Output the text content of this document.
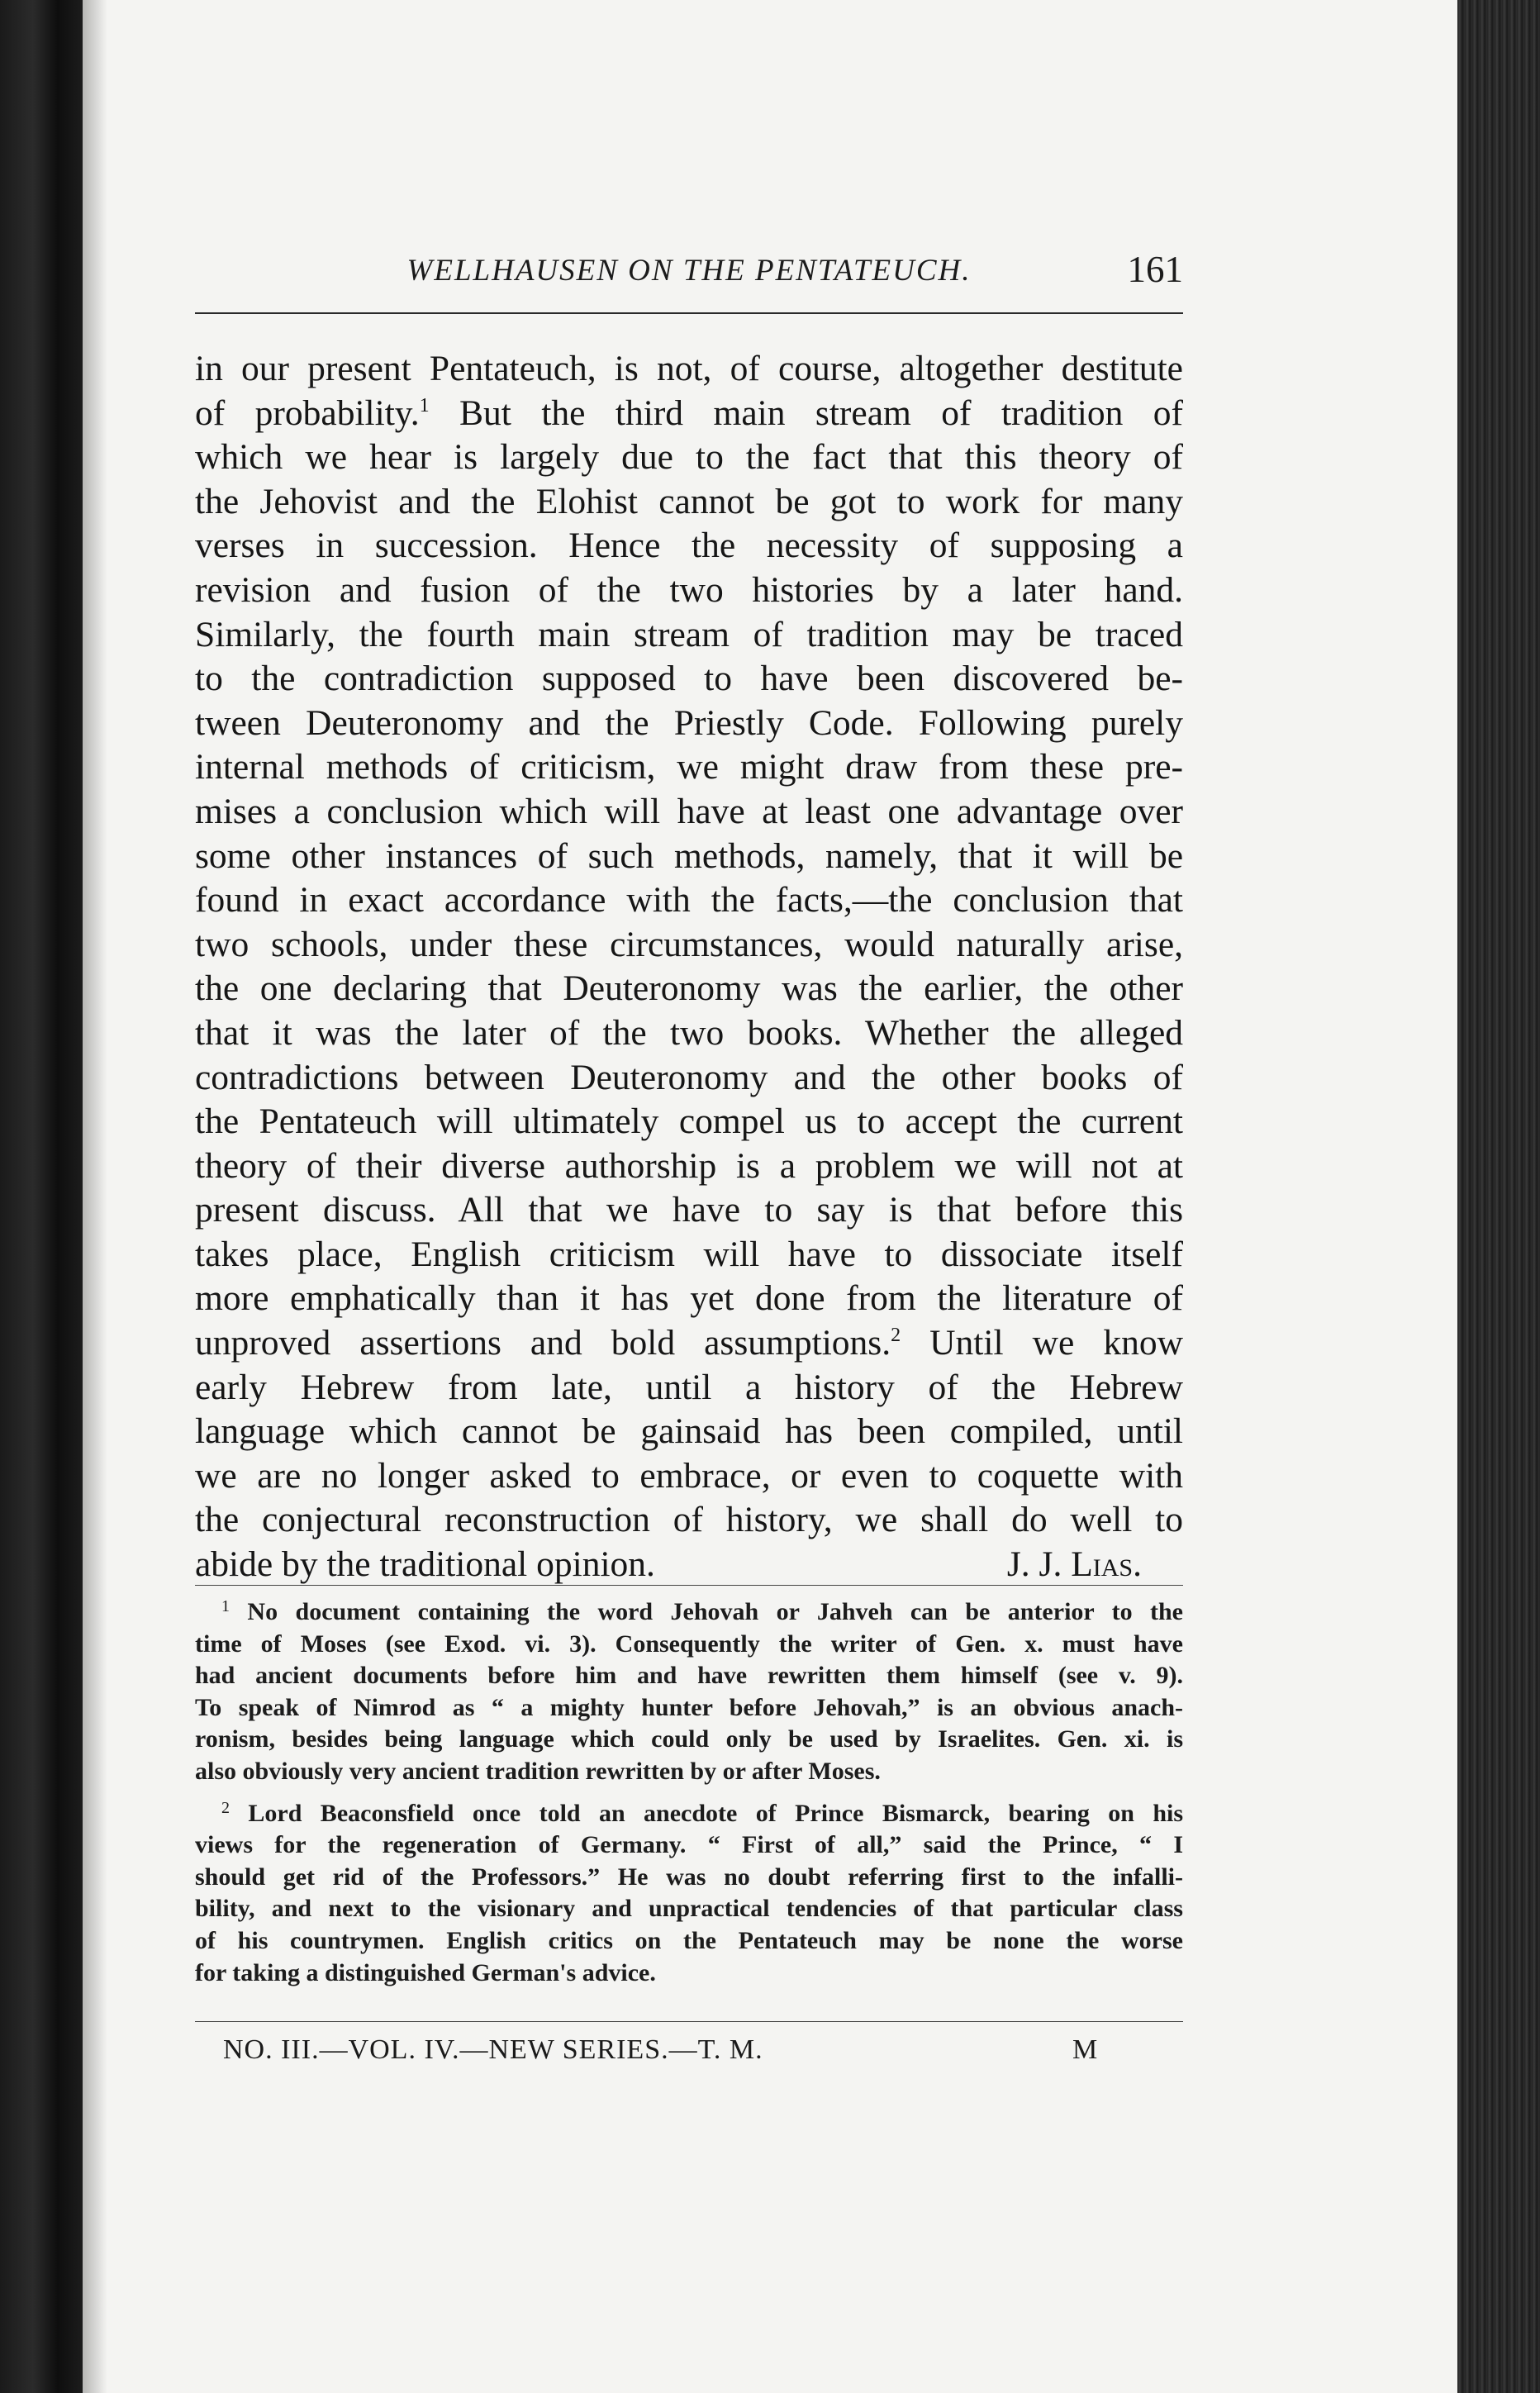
WELLHAUSEN ON THE PENTATEUCH.	161
in our present Pentateuch, is not, of course, altogether destitute
of probability.$^1$ But the third main stream of tradition of
which we hear is largely due to the fact that this theory of
the Jehovist and the Elohist cannot be got to work for many
verses in succession. Hence the necessity of supposing a
revision and fusion of the two histories by a later hand.
Similarly, the fourth main stream of tradition may be traced
to the contradiction supposed to have been discovered be-
tween Deuteronomy and the Priestly Code. Following purely
internal methods of criticism, we might draw from these pre-
mises a conclusion which will have at least one advantage over
some other instances of such methods, namely, that it will be
found in exact accordance with the facts,—the conclusion that
two schools, under these circumstances, would naturally arise,
the one declaring that Deuteronomy was the earlier, the other
that it was the later of the two books. Whether the alleged
contradictions between Deuteronomy and the other books of
the Pentateuch will ultimately compel us to accept the current
theory of their diverse authorship is a problem we will not at
present discuss. All that we have to say is that before this
takes place, English criticism will have to dissociate itself
more emphatically than it has yet done from the literature of
unproved assertions and bold assumptions.$^2$ Until we know
early Hebrew from late, until a history of the Hebrew
language which cannot be gainsaid has been compiled, until
we are no longer asked to embrace, or even to coquette with
the conjectural reconstruction of history, we shall do well to
abide by the traditional opinion.	J. J. Lias.
$^1$ No document containing the word Jehovah or Jahveh can be anterior to the
time of Moses (see Exod. vi. 3). Consequently the writer of Gen. x. must have
had ancient documents before him and have rewritten them himself (see v. 9).
To speak of Nimrod as “ a mighty hunter before Jehovah,” is an obvious anach-
ronism, besides being language which could only be used by Israelites. Gen. xi. is
also obviously very ancient tradition rewritten by or after Moses.
$^2$ Lord Beaconsfield once told an anecdote of Prince Bismarck, bearing on his
views for the regeneration of Germany. “ First of all,” said the Prince, “ I
should get rid of the Professors.” He was no doubt referring first to the infalli-
bility, and next to the visionary and unpractical tendencies of that particular class
of his countrymen. English critics on the Pentateuch may be none the worse
for taking a distinguished German's advice.
NO. III.—VOL. IV.—NEW SERIES.—T. M.	M
